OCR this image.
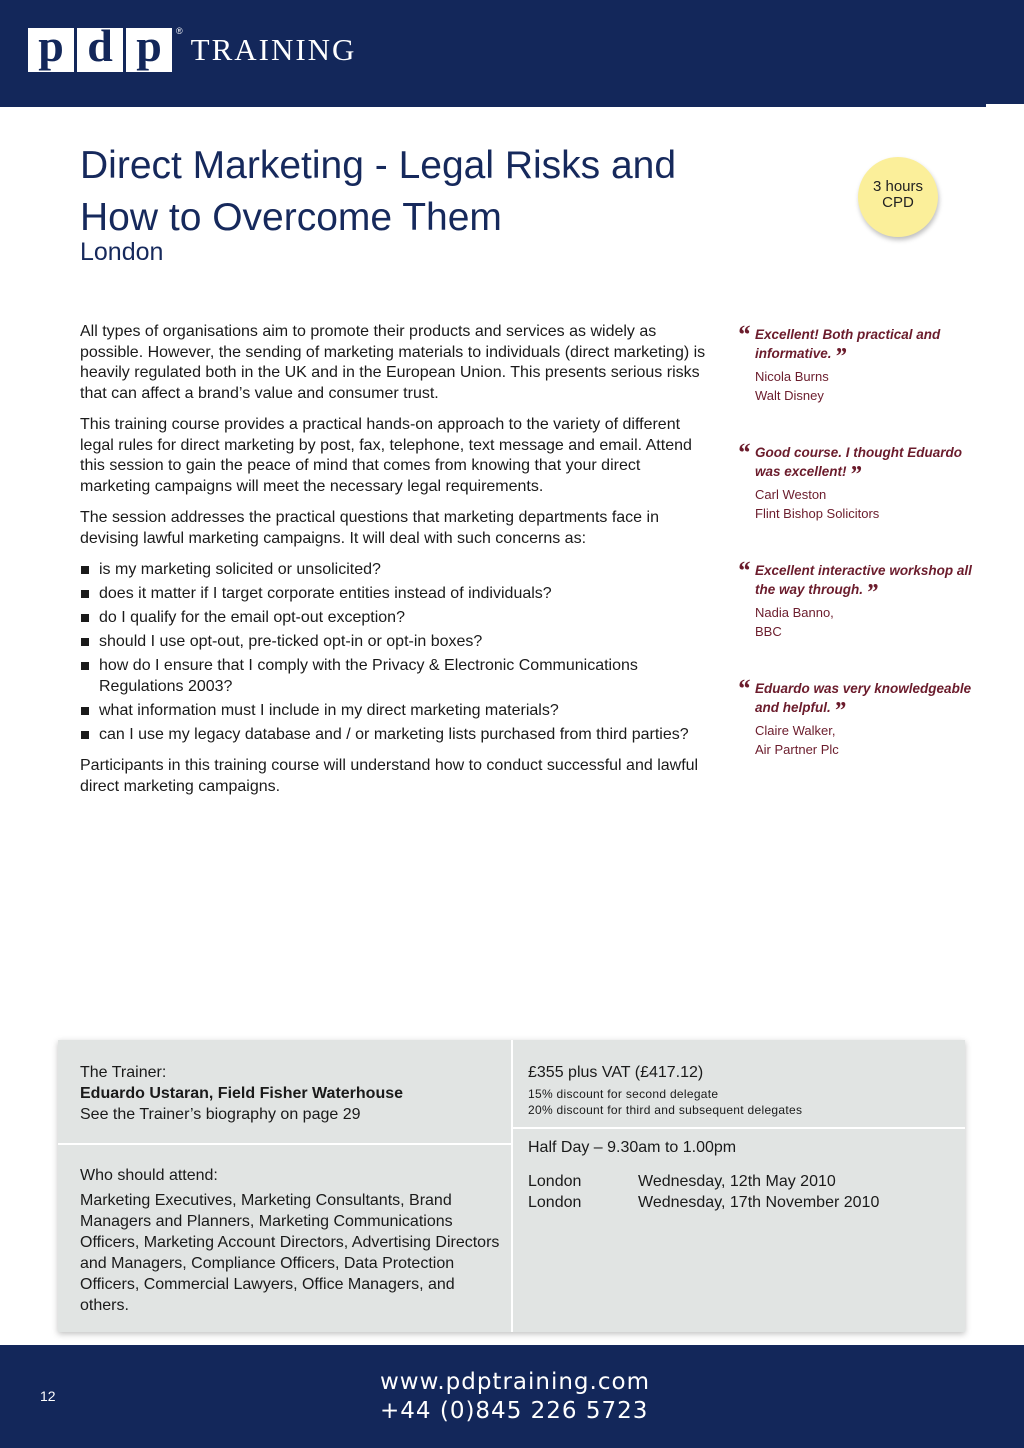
p d p ®
TRAINING
Direct Marketing - Legal Risks and How to Overcome Them
London
3 hours
CPD

All types of organisations aim to promote their products and services as widely as possible. However, the sending of marketing materials to individuals (direct marketing) is heavily regulated both in the UK and in the European Union. This presents serious risks that can affect a brand’s value and consumer trust.

This training course provides a practical hands-on approach to the variety of different legal rules for direct marketing by post, fax, telephone, text message and email. Attend this session to gain the peace of mind that comes from knowing that your direct marketing campaigns will meet the necessary legal requirements.

The session addresses the practical questions that marketing departments face in devising lawful marketing campaigns. It will deal with such concerns as:

is my marketing solicited or unsolicited?
does it matter if I target corporate entities instead of individuals?
do I qualify for the email opt-out exception?
should I use opt-out, pre-ticked opt-in or opt-in boxes?
how do I ensure that I comply with the Privacy & Electronic Communications Regulations 2003?
what information must I include in my direct marketing materials?
can I use my legacy database and / or marketing lists purchased from third parties?

Participants in this training course will understand how to conduct successful and lawful direct marketing campaigns.

“ Excellent! Both practical and informative. ”
Nicola Burns
Walt Disney
“ Good course. I thought Eduardo was excellent! ”
Carl Weston
Flint Bishop Solicitors
“ Excellent interactive workshop all the way through. ”
Nadia Banno,
BBC
“ Eduardo was very knowledgeable and helpful. ”
Claire Walker,
Air Partner Plc
The Trainer:
Eduardo Ustaran, Field Fisher Waterhouse
See the Trainer’s biography on page 29
Who should attend:
Marketing Executives, Marketing Consultants, Brand Managers and Planners, Marketing Communications Officers, Marketing Account Directors, Advertising Directors and Managers, Compliance Officers, Data Protection Officers, Commercial Lawyers, Office Managers, and others.
£355 plus VAT (£417.12)
15% discount for second delegate
20% discount for third and subsequent delegates
Half Day – 9.30am to 1.00pm
London	Wednesday, 12th May 2010
London	Wednesday, 17th November 2010
12
www.pdptraining.com
+44 (0)845 226 5723
